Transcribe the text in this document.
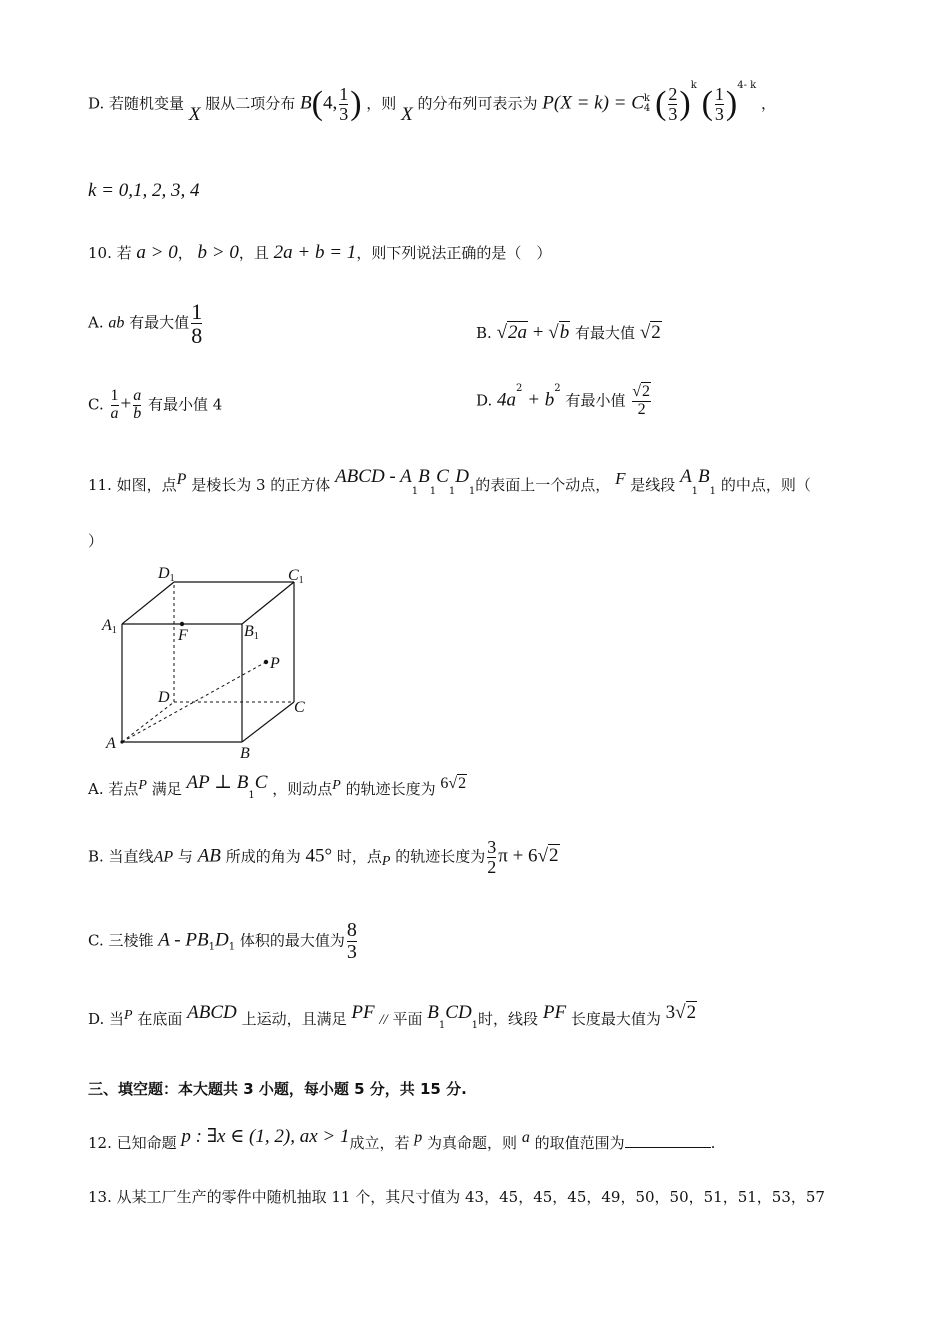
D. 若随机变量 X 服从二项分布 B(4, $\frac{1}{3}$ ) ，则 X 的分布列可表示为 P(X = k) = C k
4 ( $\frac{2}{3} )^k$ ( $\frac{1}{3} )^{4- k}$ ，
k = 0,1, 2, 3, 4
10. 若 a > 0， b > 0，且 2a + b = 1，则下列说法正确的是（　）
A. ab 有最大值 $\frac{1}{8}$	B. √2a + √b 有最大值 √2
C. $\frac{1}{a} + \frac{a}{b}$ 有最小值 4	D. $4a^2 + b^2$ 有最小值 $\frac{√2}{2}$
11. 如图，点P 是棱长为 3 的正方体 ABCD - $A_1B_1C_1D_1$的表面上一个动点， F 是线段 $A_1B_1$ 的中点，则（
）
D1	C1
A1	B1
F
P
D
C
A
B
A. 若点P 满足 AP ⊥ $B_1C$ ，则动点P 的轨迹长度为 6√2
B. 当直线AP 与 AB 所成的角为 45° 时，点P 的轨迹长度为 $\frac{3}{2}$ π + 6√2
C. 三棱锥 A - $PB_1D_1$ 体积的最大值为 $\frac{8}{3}$
D. 当P 在底面 ABCD 上运动，且满足 PF // 平面 $B_1CD_1$时，线段 PF 长度最大值为 3√2
三、填空题：本大题共 3 小题，每小题 5 分，共 15 分.
12. 已知命题 p : ∃x ∈ (1, 2), ax > 1成立，若 p 为真命题，则 a 的取值范围为	.
13. 从某工厂生产的零件中随机抽取 11 个，其尺寸值为 43，45，45，45，49，50，50，51，51，53，57
